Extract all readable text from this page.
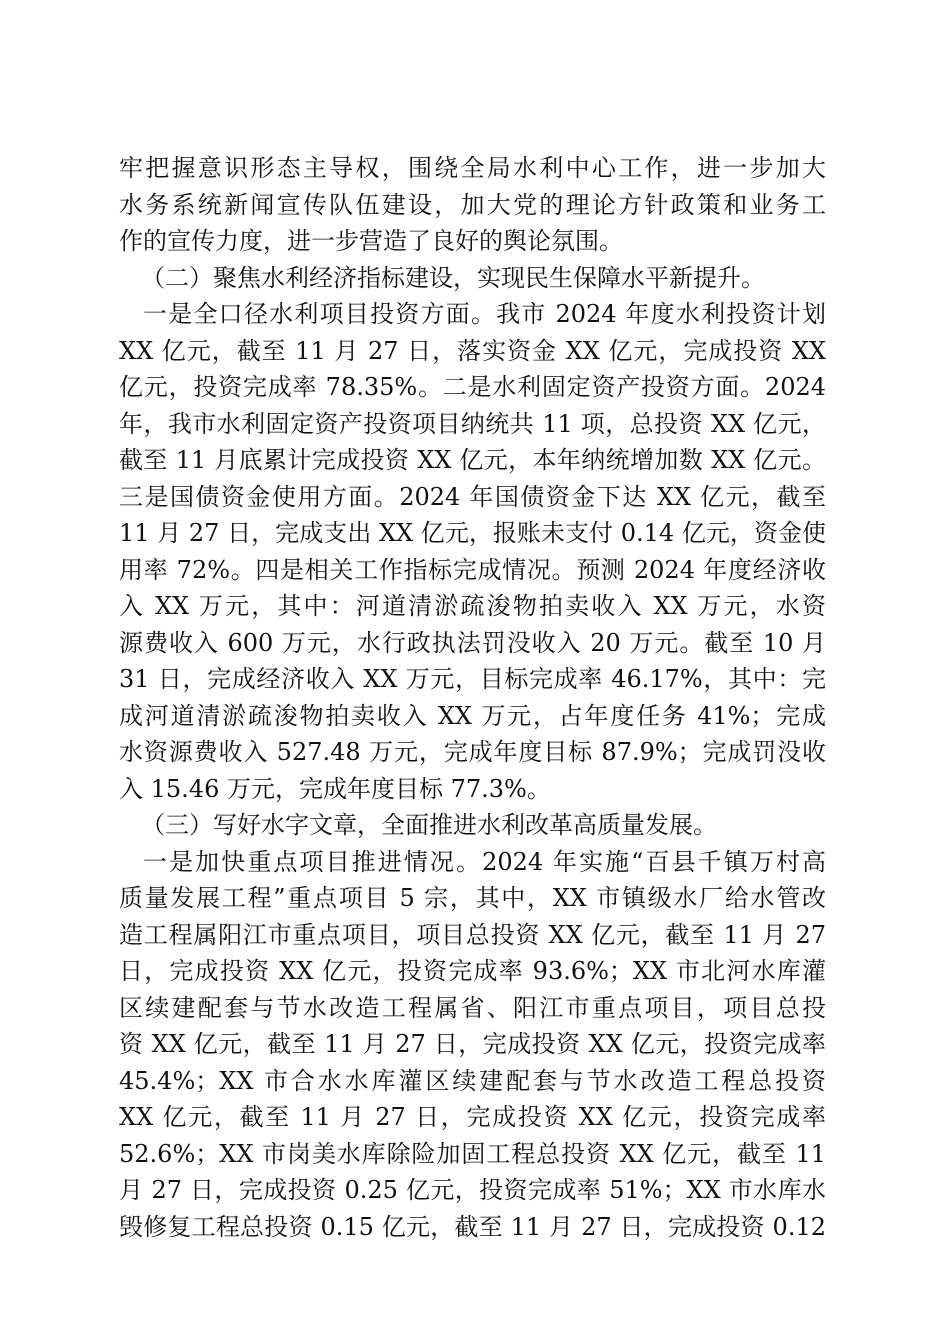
牢把握意识形态主导权，围绕全局水利中心工作，进一步加大
水务系统新闻宣传队伍建设，加大党的理论方针政策和业务工
作的宣传力度，进一步营造了良好的舆论氛围。
（二）聚焦水利经济指标建设，实现民生保障水平新提升。
一是全口径水利项目投资方面。我市 2024 年度水利投资计划
XX 亿元，截至 11 月 27 日，落实资金 XX 亿元，完成投资 XX
亿元，投资完成率 78.35%。二是水利固定资产投资方面。2024
年，我市水利固定资产投资项目纳统共 11 项，总投资 XX 亿元，
截至 11 月底累计完成投资 XX 亿元，本年纳统增加数 XX 亿元。
三是国债资金使用方面。2024 年国债资金下达 XX 亿元，截至
11 月 27 日，完成支出 XX 亿元，报账未支付 0.14 亿元，资金使
用率 72%。四是相关工作指标完成情况。预测 2024 年度经济收
入 XX 万元，其中：河道清淤疏浚物拍卖收入 XX 万元，水资
源费收入 600 万元，水行政执法罚没收入 20 万元。截至 10 月
31 日，完成经济收入 XX 万元，目标完成率 46.17%，其中：完
成河道清淤疏浚物拍卖收入 XX 万元，占年度任务 41%；完成
水资源费收入 527.48 万元，完成年度目标 87.9%；完成罚没收
入 15.46 万元，完成年度目标 77.3%。
（三）写好水字文章，全面推进水利改革高质量发展。
一是加快重点项目推进情况。2024 年实施“百县千镇万村高
质量发展工程”重点项目 5 宗，其中，XX 市镇级水厂给水管改
造工程属阳江市重点项目，项目总投资 XX 亿元，截至 11 月 27
日，完成投资 XX 亿元，投资完成率 93.6%；XX 市北河水库灌
区续建配套与节水改造工程属省、阳江市重点项目，项目总投
资 XX 亿元，截至 11 月 27 日，完成投资 XX 亿元，投资完成率
45.4%；XX 市合水水库灌区续建配套与节水改造工程总投资
XX 亿元，截至 11 月 27 日，完成投资 XX 亿元，投资完成率
52.6%；XX 市岗美水库除险加固工程总投资 XX 亿元，截至 11
月 27 日，完成投资 0.25 亿元，投资完成率 51%；XX 市水库水
毁修复工程总投资 0.15 亿元，截至 11 月 27 日，完成投资 0.12
